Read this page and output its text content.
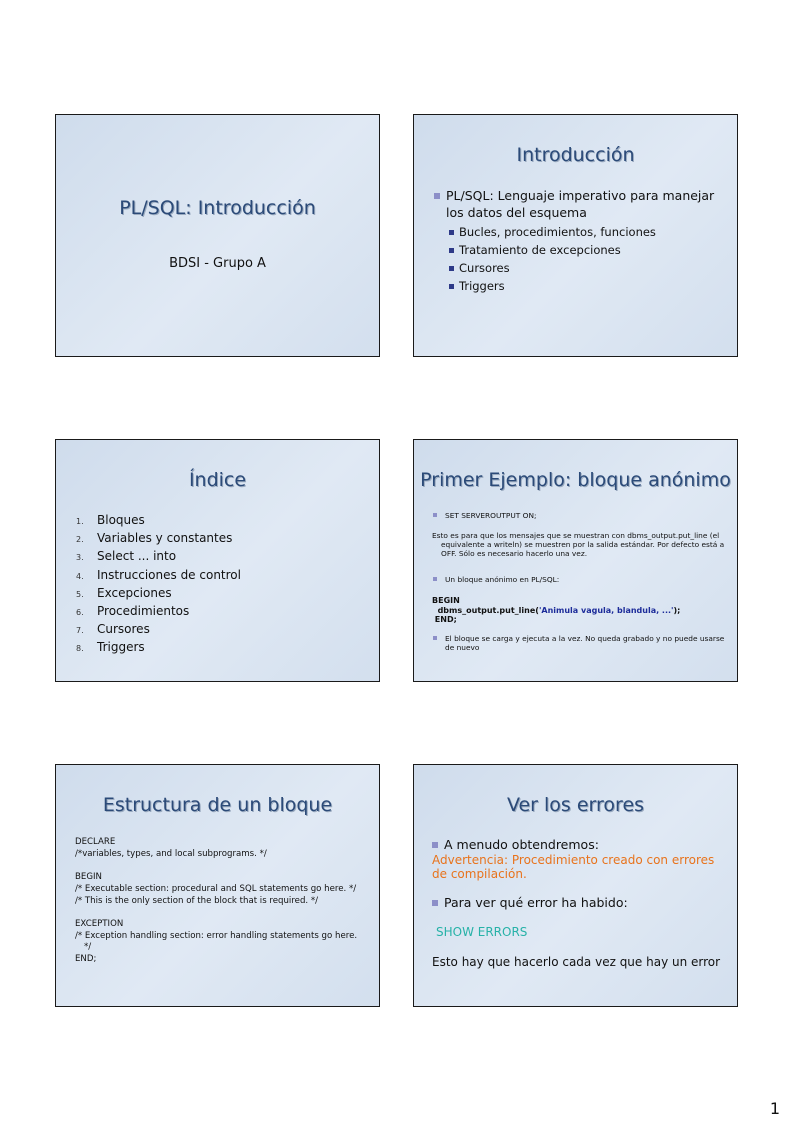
PL/SQL: Introducción
BDSI - Grupo A
Introducción
PL/SQL: Lenguaje imperativo para manejar los datos del esquema
Bucles, procedimientos, funciones
Tratamiento de excepciones
Cursores
Triggers
Índice
1. Bloques
2. Variables y constantes
3. Select ... into
4. Instrucciones de control
5. Excepciones
6. Procedimientos
7. Cursores
8. Triggers
Primer Ejemplo: bloque anónimo
SET SERVEROUTPUT ON;
Esto es para que los mensajes que se muestran con dbms_output.put_line (el equivalente a writeln) se muestren por la salida estándar. Por defecto está a OFF. Sólo es necesario hacerlo una vez.
Un bloque anónimo en PL/SQL:
BEGIN
dbms_output.put_line('Animula vagula, blandula, ...');
END;
El bloque se carga y ejecuta a la vez. No queda grabado y no puede usarse de nuevo
Estructura de un bloque
DECLARE
/*variables, types, and local subprograms. */
BEGIN
/* Executable section: procedural and SQL statements go here. */
/* This is the only section of the block that is required. */
EXCEPTION
/* Exception handling section: error handling statements go here.
*/
END;
Ver los errores
A menudo obtendremos:
Advertencia: Procedimiento creado con errores de compilación.
Para ver qué error ha habido:
SHOW ERRORS
Esto hay que hacerlo cada vez que hay un error
1
